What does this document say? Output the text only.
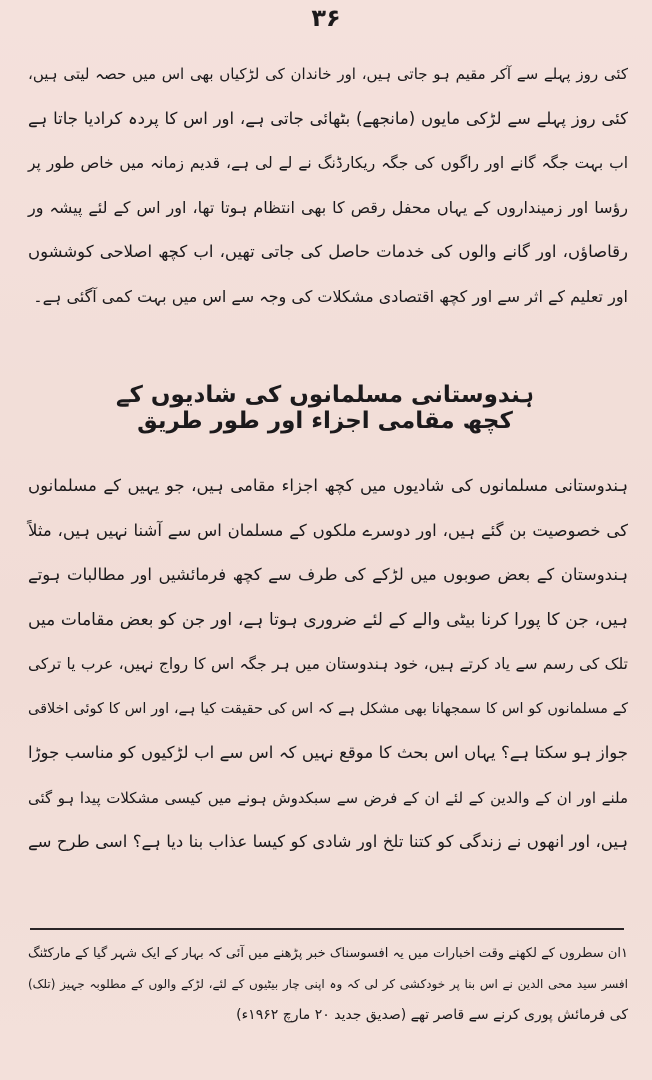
۳۶

کئی روز پہلے سے آکر مقیم ہو جاتی ہیں، اور خاندان کی لڑکیاں بھی اس میں حصہ لیتی ہیں،
کئی روز پہلے سے لڑکی مایوں (مانجھے) بٹھائی جاتی ہے، اور اس کا پردہ کرادیا جاتا ہے
اب بہت جگہ گانے اور راگوں کی جگہ ریکارڈنگ نے لے لی ہے، قدیم زمانہ میں خاص طور پر
رؤسا اور زمینداروں کے یہاں محفل رقص کا بھی انتظام ہوتا تھا، اور اس کے لئے پیشہ ور
رقاصاؤں، اور گانے والوں کی خدمات حاصل کی جاتی تھیں، اب کچھ اصلاحی کوششوں
اور تعلیم کے اثر سے اور کچھ اقتصادی مشکلات کی وجہ سے اس میں بہت کمی آگئی ہے۔

ہندوستانی مسلمانوں کی شادیوں کے کچھ مقامی اجزاء اور طور طریق

ہندوستانی مسلمانوں کی شادیوں میں کچھ اجزاء مقامی ہیں، جو یہیں کے مسلمانوں
کی خصوصیت بن گئے ہیں، اور دوسرے ملکوں کے مسلمان اس سے آشنا نہیں ہیں، مثلاً
ہندوستان کے بعض صوبوں میں لڑکے کی طرف سے کچھ فرمائشیں اور مطالبات ہوتے
ہیں، جن کا پورا کرنا بیٹی والے کے لئے ضروری ہوتا ہے، اور جن کو بعض مقامات میں
تلک کی رسم سے یاد کرتے ہیں، خود ہندوستان میں ہر جگہ اس کا رواج نہیں، عرب یا ترکی
کے مسلمانوں کو اس کا سمجھانا بھی مشکل ہے کہ اس کی حقیقت کیا ہے، اور اس کا کوئی اخلاقی
جواز ہو سکتا ہے؟ یہاں اس بحث کا موقع نہیں کہ اس سے اب لڑکیوں کو مناسب جوڑا
ملنے اور ان کے والدین کے لئے ان کے فرض سے سبکدوش ہونے میں کیسی مشکلات پیدا ہو گئی
ہیں، اور انھوں نے زندگی کو کتنا تلخ اور شادی کو کیسا عذاب بنا دیا ہے؟ اسی طرح سے

۱ان سطروں کے لکھنے وقت اخبارات میں یہ افسوسناک خبر پڑھنے میں آئی کہ بہار کے ایک شہر گیا کے مارکٹنگ
افسر سید محی الدین نے اس بنا پر خودکشی کر لی کہ وہ اپنی چار بیٹیوں کے لئے، لڑکے والوں کے مطلوبہ جہیز (تلک)
کی فرمائش پوری کرنے سے قاصر تھے (صدیق جدید ۲۰ مارچ ۱۹۶۲ء)
